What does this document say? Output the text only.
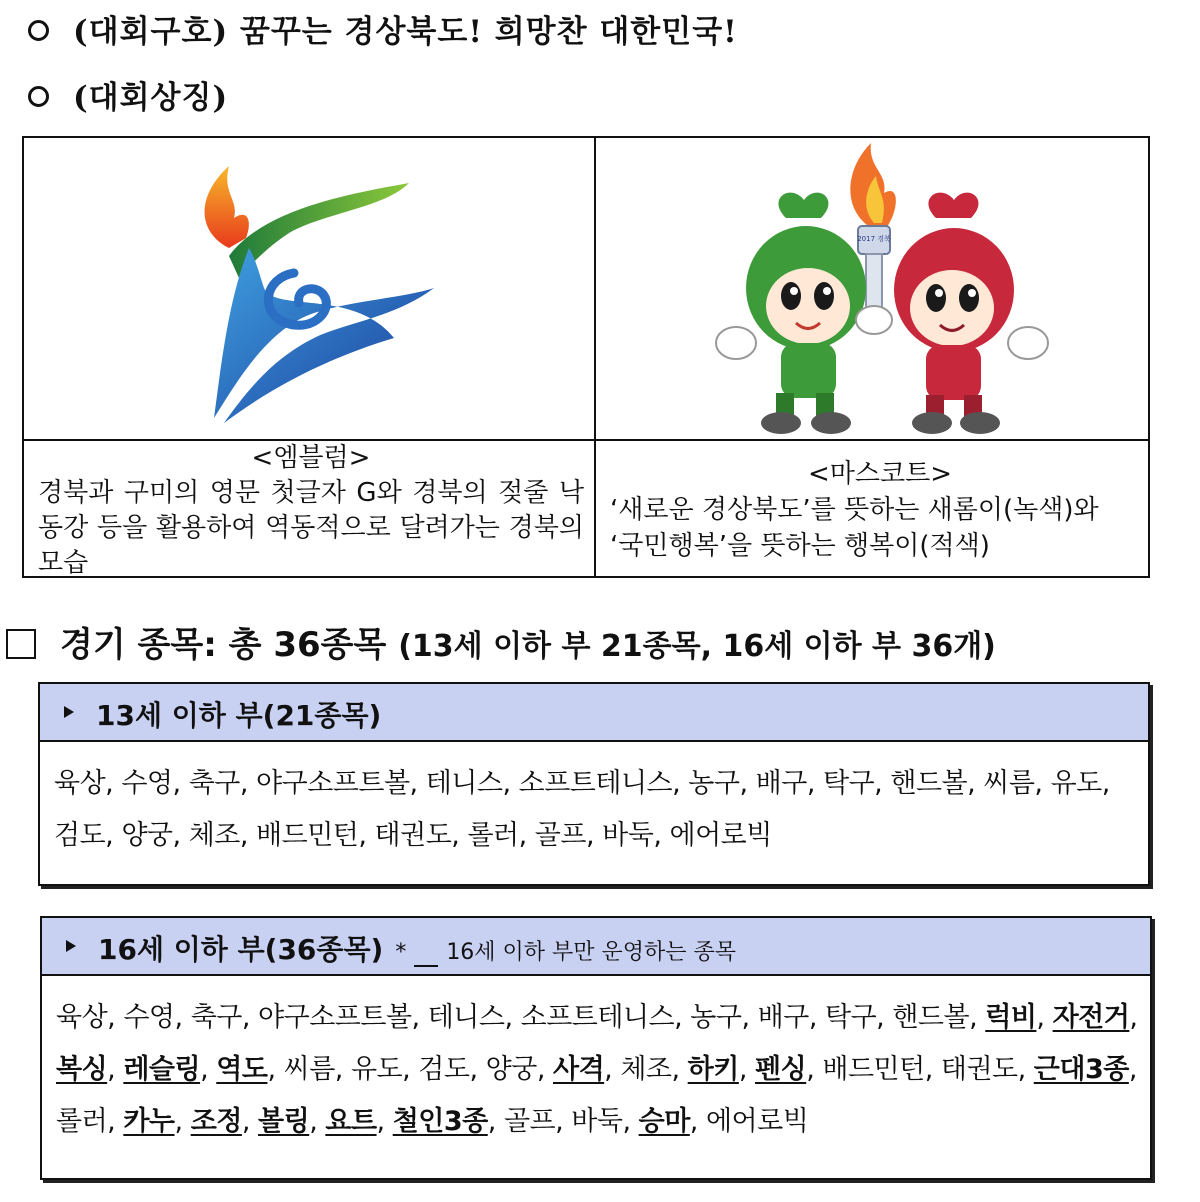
(대회구호) 꿈꾸는 경상북도! 희망찬 대한민국!
(대회상징)
2017 경북
<엠블럼>
경북과 구미의 영문 첫글자 G와 경북의 젖줄 낙동강 등을 활용하여 역동적으로 달려가는 경북의 모습
<마스코트>
‘새로운 경상북도’를 뜻하는 새롬이(녹색)와
‘국민행복’을 뜻하는 행복이(적색)
경기 종목: 총 36종목 (13세 이하 부 21종목, 16세 이하 부 36개)
13세 이하 부(21종목)
육상, 수영, 축구, 야구소프트볼, 테니스, 소프트테니스, 농구, 배구, 탁구, 핸드볼, 씨름, 유도, 검도, 양궁, 체조, 배드민턴, 태권도, 롤러, 골프, 바둑, 에어로빅
16세 이하 부(36종목) * 16세 이하 부만 운영하는 종목
육상, 수영, 축구, 야구소프트볼, 테니스, 소프트테니스, 농구, 배구, 탁구, 핸드볼, 럭비, 자전거, 복싱, 레슬링, 역도, 씨름, 유도, 검도, 양궁, 사격, 체조, 하키, 펜싱, 배드민턴, 태권도, 근대3종, 롤러, 카누, 조정, 볼링, 요트, 철인3종, 골프, 바둑, 승마, 에어로빅
